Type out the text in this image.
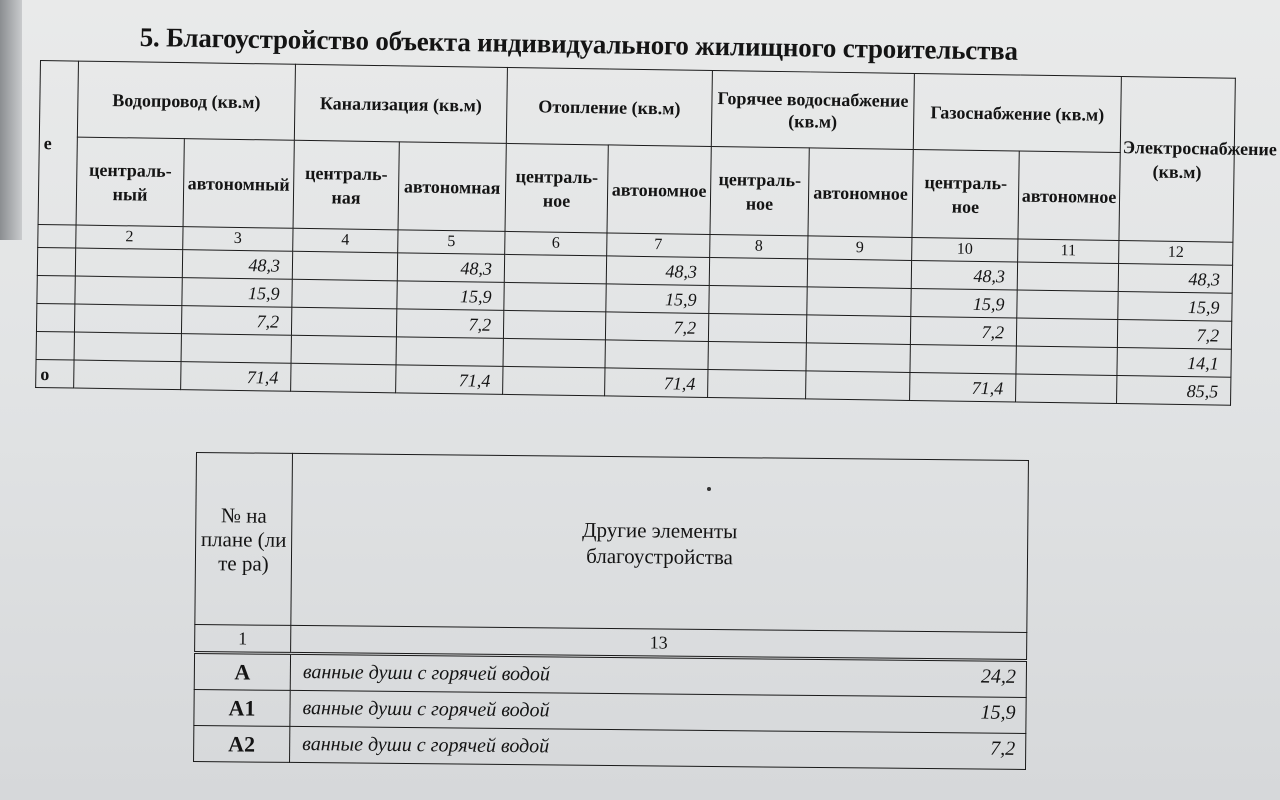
5. Благоустройство объекта индивидуального жилищного строительства
е	Водопровод (кв.м)		Канализация (кв.м)		Отопление (кв.м)		Горячее водоснабжение (кв.м)		Газоснабжение (кв.м)		Электроснабжение (кв.м)
	центральный	автономный	центральная	автономная	центральное	автономное	центральное	автономное	центральное	автономное	
	2	3	4	5	6	7	8	9	10	11	12
		48,3		48,3		48,3			48,3		48,3
		15,9		15,9		15,9			15,9		15,9
		7,2		7,2		7,2			7,2		7,2
											14,1
о		71,4		71,4		71,4			71,4		85,5
№ на плане (ли те ра)	Другие элементы благоустройства

1	13
А	ванные души с горячей водой 24,2

А1	ванные души с горячей водой 15,9

А2	ванные души с горячей водой 7,2
